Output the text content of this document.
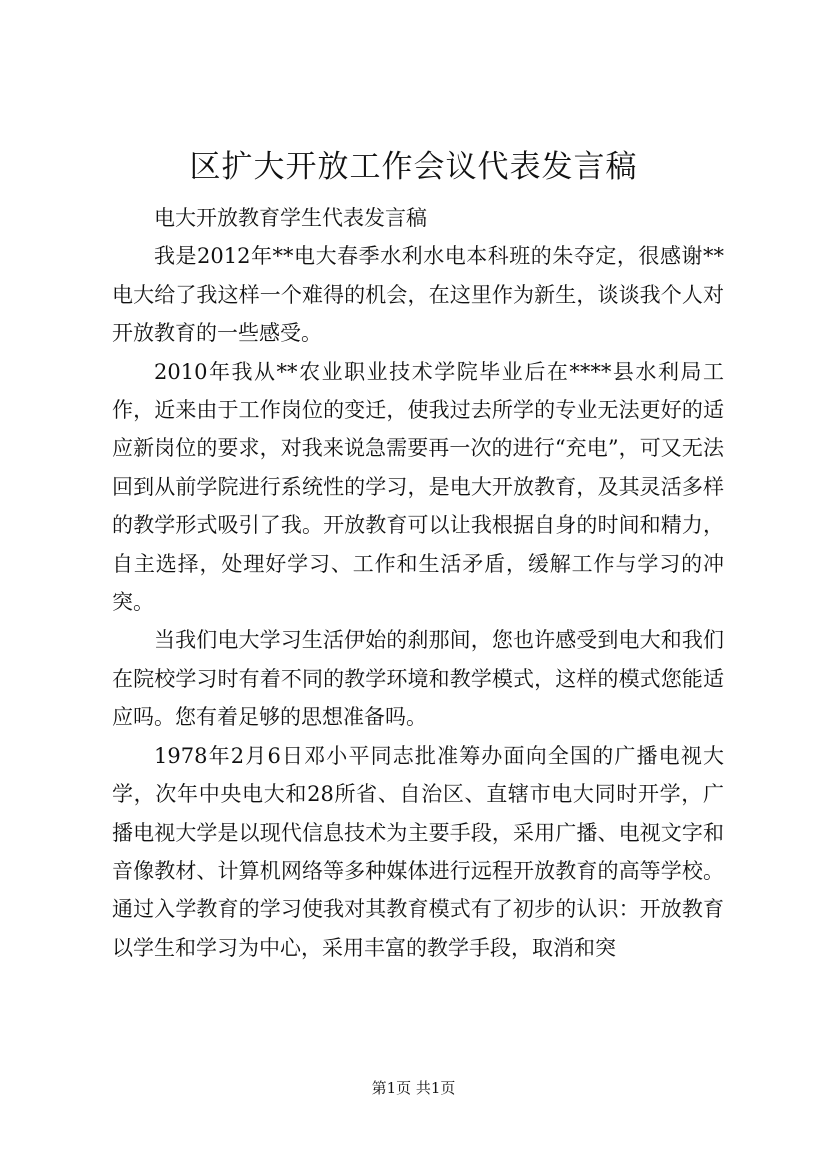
区扩大开放工作会议代表发言稿

电大开放教育学生代表发言稿

我是2012年**电大春季水利水电本科班的朱夺定，很感谢**电大给了我这样一个难得的机会，在这里作为新生，谈谈我个人对开放教育的一些感受。

2010年我从**农业职业技术学院毕业后在****县水利局工作，近来由于工作岗位的变迁，使我过去所学的专业无法更好的适应新岗位的要求，对我来说急需要再一次的进行“充电”，可又无法回到从前学院进行系统性的学习，是电大开放教育，及其灵活多样的教学形式吸引了我。开放教育可以让我根据自身的时间和精力，自主选择，处理好学习、工作和生活矛盾，缓解工作与学习的冲突。

当我们电大学习生活伊始的刹那间，您也许感受到电大和我们在院校学习时有着不同的教学环境和教学模式，这样的模式您能适应吗。您有着足够的思想准备吗。

1978年2月6日邓小平同志批准筹办面向全国的广播电视大学，次年中央电大和28所省、自治区、直辖市电大同时开学，广播电视大学是以现代信息技术为主要手段，采用广播、电视文字和音像教材、计算机网络等多种媒体进行远程开放教育的高等学校。通过入学教育的学习使我对其教育模式有了初步的认识：开放教育以学生和学习为中心，采用丰富的教学手段，取消和突

第1页 共1页
